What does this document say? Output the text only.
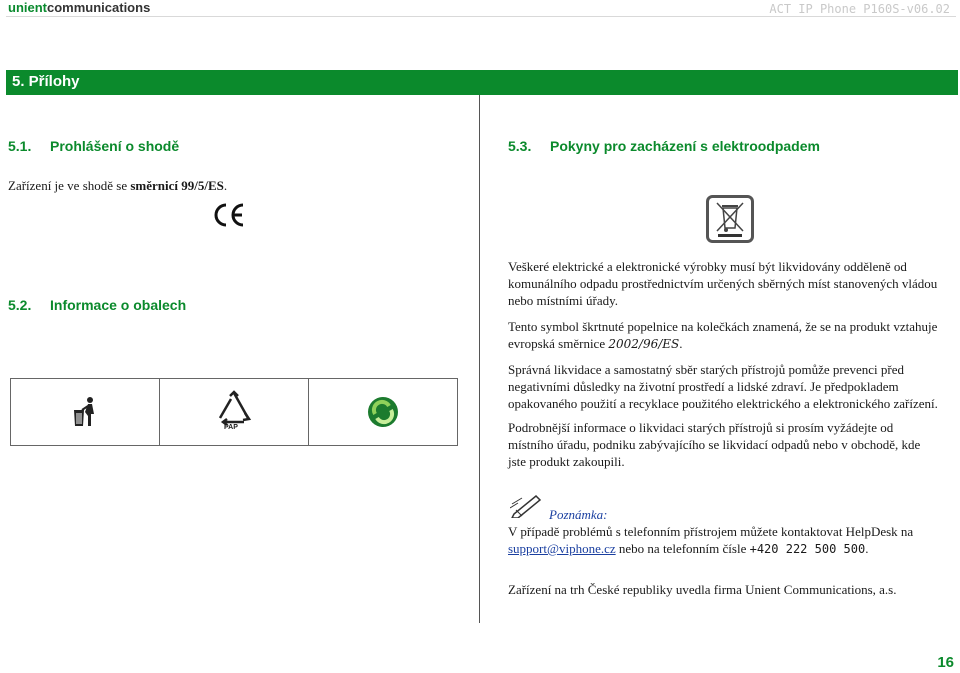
unientcommunications	ACT IP Phone P160S-v06.02
5. Přílohy
5.1. Prohlášení o shodě
Zařízení je ve shodě se směrnicí 99/5/ES.
5.2. Informace o obalech
PAP
5.3. Pokyny pro zacházení s elektroodpadem
Veškeré elektrické a elektronické výrobky musí být likvidovány odděleně od
komunálního odpadu prostřednictvím určených sběrných míst stanovených vládou
nebo místními úřady.
Tento symbol škrtnuté popelnice na kolečkách znamená, že se na produkt vztahuje
evropská směrnice 2002/96/ES.
Správná likvidace a samostatný sběr starých přístrojů pomůže prevenci před
negativními důsledky na životní prostředí a lidské zdraví. Je předpokladem
opakovaného použití a recyklace použitého elektrického a elektronického zařízení.
Podrobnější informace o likvidaci starých přístrojů si prosím vyžádejte od
místního úřadu, podniku zabývajícího se likvidací odpadů nebo v obchodě, kde
jste produkt zakoupili.
Poznámka:
V případě problémů s telefonním přístrojem můžete kontaktovat HelpDesk na
support@viphone.cz nebo na telefonním čísle +420 222 500 500.
Zařízení na trh České republiky uvedla firma Unient Communications, a.s.
16
